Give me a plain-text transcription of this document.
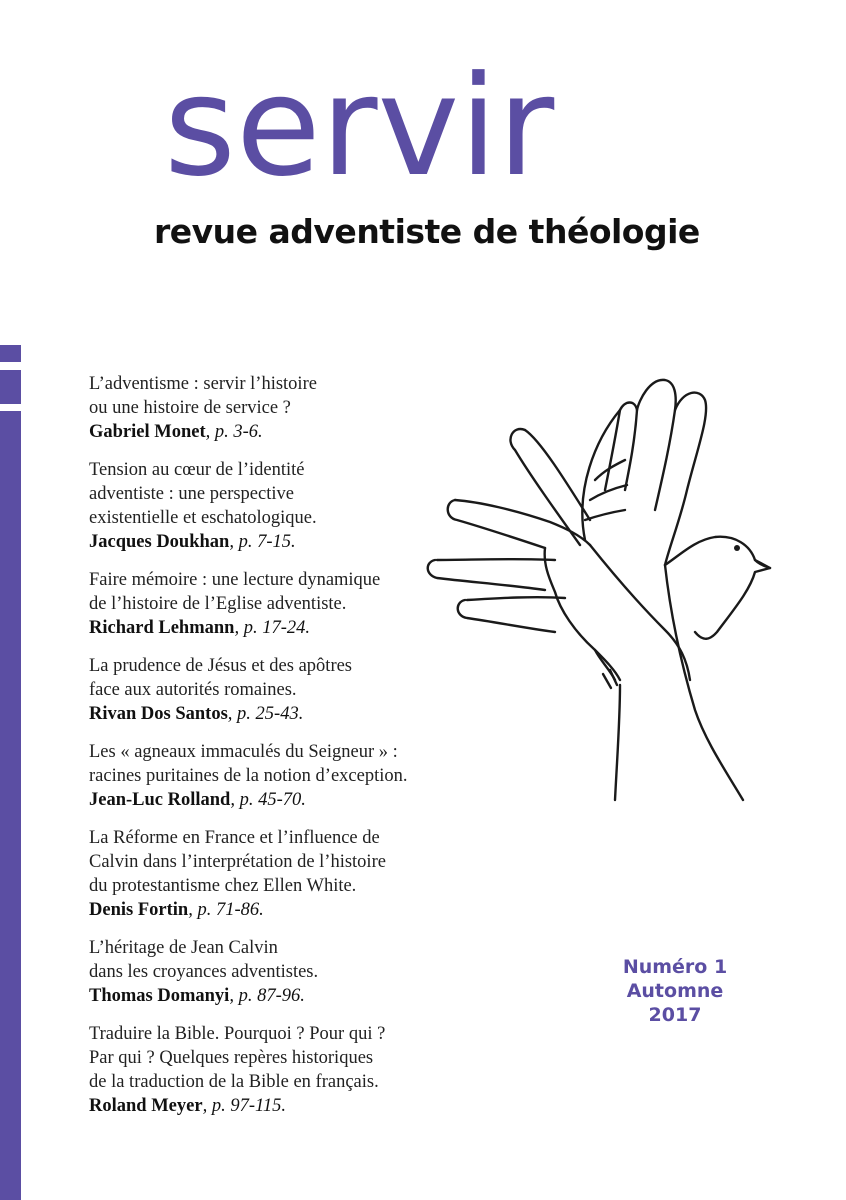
servir
revue adventiste de théologie
L’adventisme : servir l’histoire
ou une histoire de service ?
Gabriel Monet, p. 3-6.
Tension au cœur de l’identité
adventiste : une perspective
existentielle et eschatologique.
Jacques Doukhan, p. 7-15.
Faire mémoire : une lecture dynamique
de l’histoire de l’Eglise adventiste.
Richard Lehmann, p. 17-24.
La prudence de Jésus et des apôtres
face aux autorités romaines.
Rivan Dos Santos, p. 25-43.
Les « agneaux immaculés du Seigneur » :
racines puritaines de la notion d’exception.
Jean-Luc Rolland, p. 45-70.
La Réforme en France et l’influence de
Calvin dans l’interprétation de l’histoire
du protestantisme chez Ellen White.
Denis Fortin, p. 71-86.
L’héritage de Jean Calvin
dans les croyances adventistes.
Thomas Domanyi, p. 87-96.
Traduire la Bible. Pourquoi ? Pour qui ?
Par qui ? Quelques repères historiques
de la traduction de la Bible en français.
Roland Meyer, p. 97-115.
Numéro 1
Automne 2017
